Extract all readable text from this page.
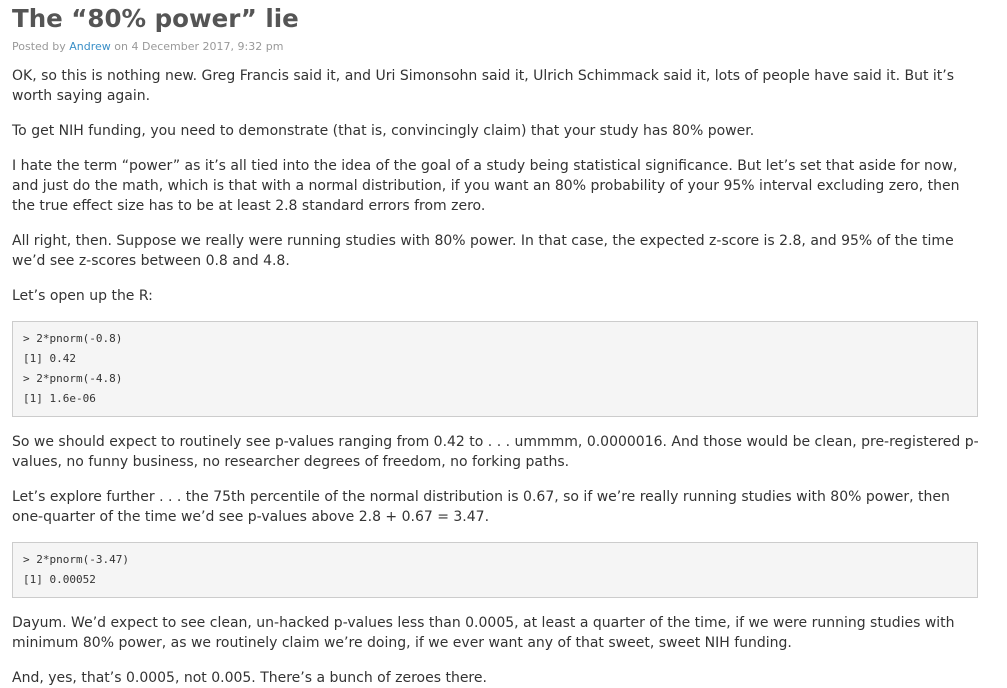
The “80% power” lie
Posted by Andrew on 4 December 2017, 9:32 pm

OK, so this is nothing new. Greg Francis said it, and Uri Simonsohn said it, Ulrich Schimmack said it, lots of people have said it. But it’s worth saying again.

To get NIH funding, you need to demonstrate (that is, convincingly claim) that your study has 80% power.

I hate the term “power” as it’s all tied into the idea of the goal of a study being statistical significance. But let’s set that aside for now, and just do the math, which is that with a normal distribution, if you want an 80% probability of your 95% interval excluding zero, then the true effect size has to be at least 2.8 standard errors from zero.

All right, then. Suppose we really were running studies with 80% power. In that case, the expected z-score is 2.8, and 95% of the time we’d see z-scores between 0.8 and 4.8.

Let’s open up the R:

> 2*pnorm(-0.8)
[1] 0.42
> 2*pnorm(-4.8)
[1] 1.6e-06

So we should expect to routinely see p-values ranging from 0.42 to . . . ummmm, 0.0000016. And those would be clean, pre-registered p-values, no funny business, no researcher degrees of freedom, no forking paths.

Let’s explore further . . . the 75th percentile of the normal distribution is 0.67, so if we’re really running studies with 80% power, then one-quarter of the time we’d see p-values above 2.8 + 0.67 = 3.47.

> 2*pnorm(-3.47)
[1] 0.00052

Dayum. We’d expect to see clean, un-hacked p-values less than 0.0005, at least a quarter of the time, if we were running studies with minimum 80% power, as we routinely claim we’re doing, if we ever want any of that sweet, sweet NIH funding.

And, yes, that’s 0.0005, not 0.005. There’s a bunch of zeroes there.
